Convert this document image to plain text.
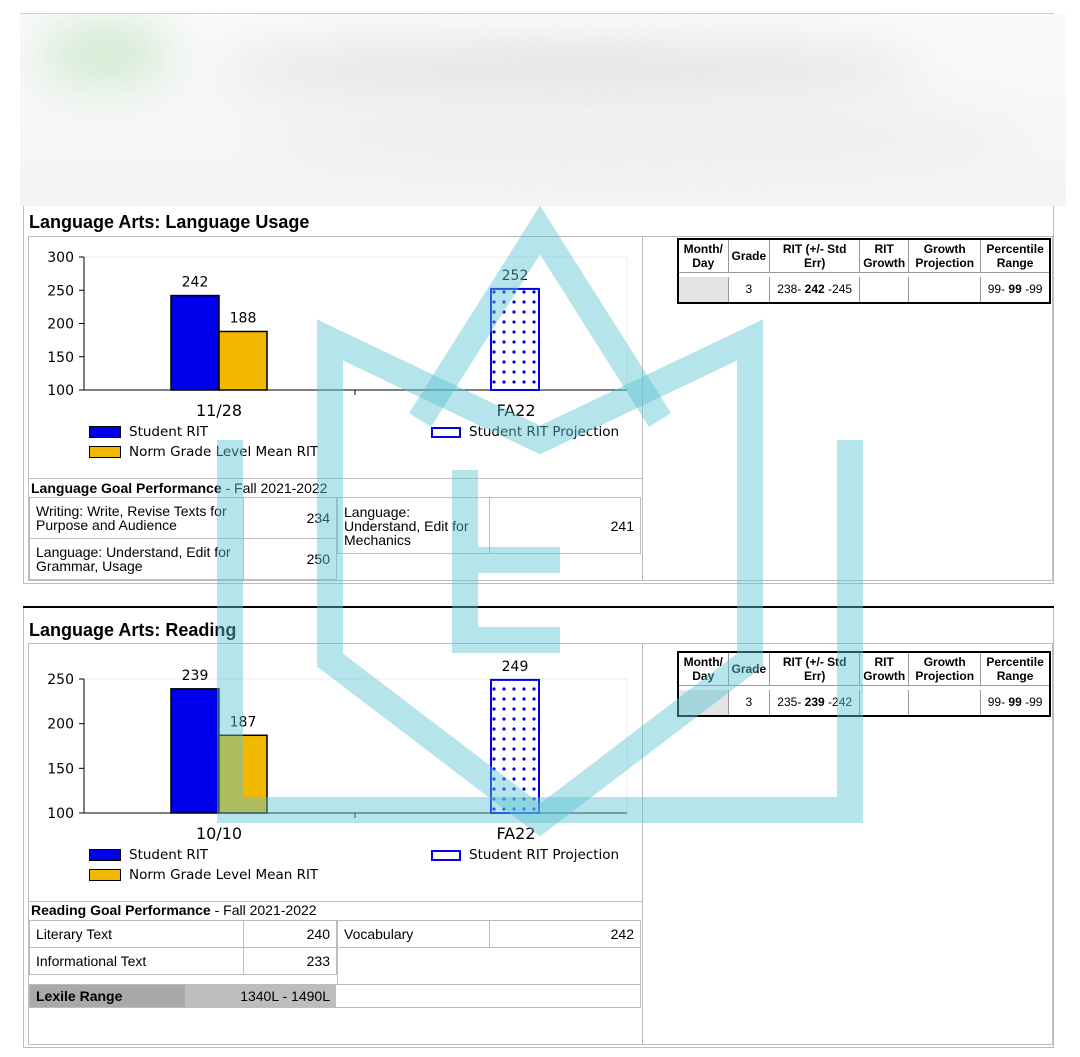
Language Arts: Language Usage
100
150
200
250
300
11/28	FA22
242
188
252
Student RIT
Norm Grade Level Mean RIT
Student RIT Projection
Language Goal Performance - Fall 2021-2022
Writing: Write, Revise Texts for Purpose and Audience	234
Language: Understand, Edit for Grammar, Usage	250
Language: Understand, Edit for Mechanics	241
Month/ Day	Grade	RIT (+/- Std Err)	RIT Growth	Growth Projection	Percentile Range

	3	238- 242 -245			99- 99 -99
Language Arts: Reading
100
150
200
250
10/10	FA22
239
187
249
Student RIT
Norm Grade Level Mean RIT
Student RIT Projection
Reading Goal Performance - Fall 2021-2022
Literary Text	240
Informational Text	233
Vocabulary	242
Lexile Range	1340L - 1490L
Month/ Day	Grade	RIT (+/- Std Err)	RIT Growth	Growth Projection	Percentile Range

	3	235- 239 -242			99- 99 -99
